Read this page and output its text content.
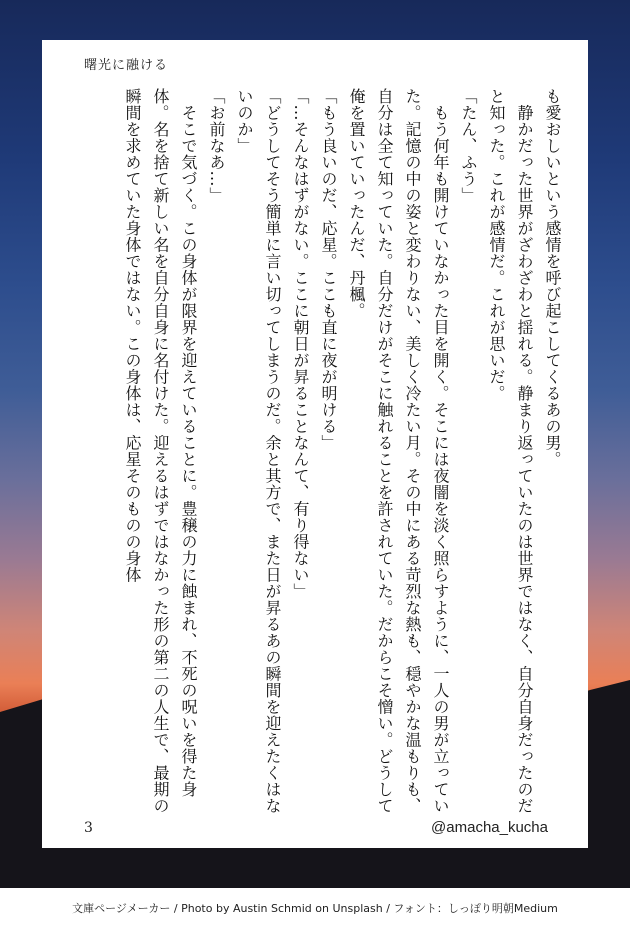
曙光に融ける

も愛おしいという感情を呼び起こしてくるあの男。

　静かだった世界がざわざわと揺れる。静まり返っていたのは世界ではなく、自分自身だったのだと知った。これが感情だ。これが思いだ。

「たん、ふう」

　もう何年も開けていなかった目を開く。そこには夜闇を淡く照らすように、一人の男が立っていた。記憶の中の姿と変わりない、美しく冷たい月。その中にある苛烈な熱も、穏やかな温もりも、自分は全て知っていた。自分だけがそこに触れることを許されていた。だからこそ憎い。どうして俺を置いていったんだ、丹楓。

「もう良いのだ、応星。ここも直に夜が明ける」

「…そんなはずがない。ここに朝日が昇ることなんて、有り得ない」

「どうしてそう簡単に言い切ってしまうのだ。余と其方で、また日が昇るあの瞬間を迎えたくはないのか」

「お前なあ…」

　そこで気づく。この身体が限界を迎えていることに。豊穣の力に蝕まれ、不死の呪いを得た身体。名を捨て新しい名を自分自身に名付けた。迎えるはずではなかった形の第二の人生で、最期の瞬間を求めていた身体ではない。この身体は、応星そのものの身体

3	@amacha_kucha
文庫ページメーカー / Photo by Austin Schmid on Unsplash / フォント：しっぽり明朝Medium
